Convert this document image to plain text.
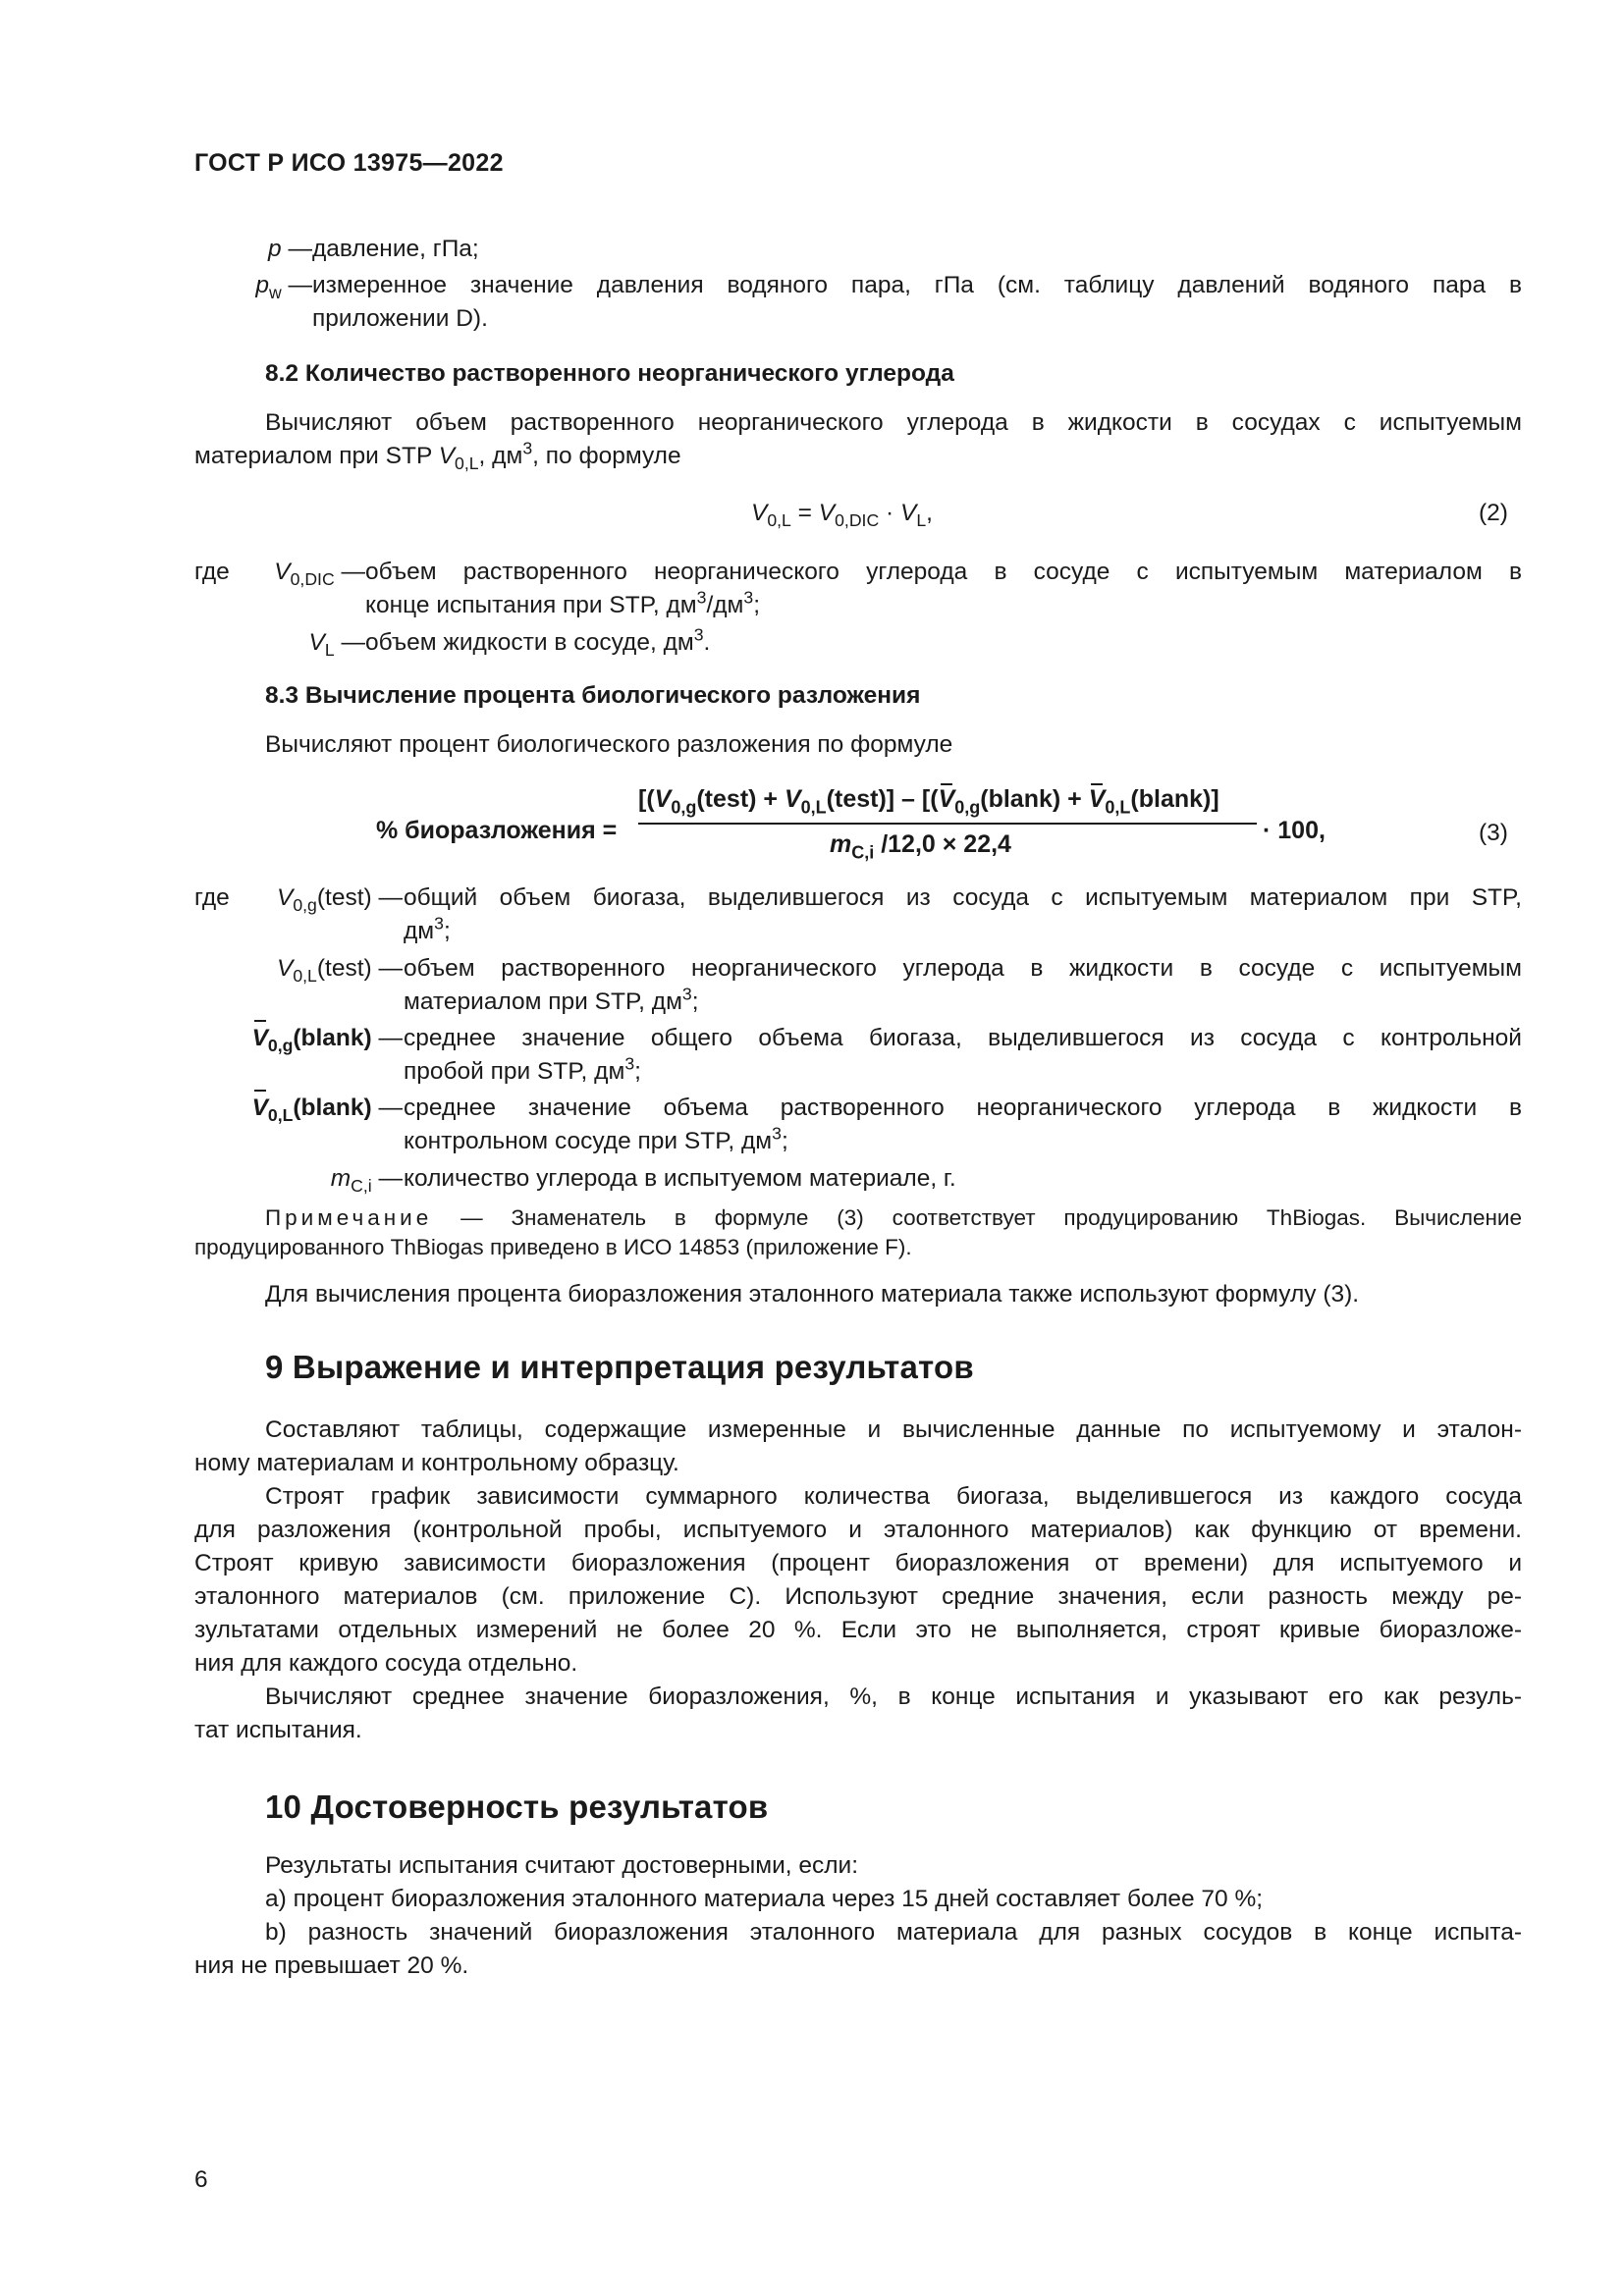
ГОСТ Р ИСО 13975—2022
p — давление, гПа;
$p_w$ — измеренное значение давления водяного пара, гПа (см. таблицу давлений водяного пара в
приложении D).
8.2 Количество растворенного неорганического углерода
Вычисляют объем растворенного неорганического углерода в жидкости в сосудах с испытуемым
материалом при STP $V_{0,L}$, $дм^3$, по формуле
$V_{0,L} = V_{0,DIC} \cdot V_L$,	(2)
где	$V_{0,DIC}$ — объем растворенного неорганического углерода в сосуде с испытуемым материалом в
конце испытания при STP, $дм^3/дм^3$;
$V_L$ — объем жидкости в сосуде, $дм^3$.
8.3 Вычисление процента биологического разложения
Вычисляют процент биологического разложения по формуле
% биоразложения =
[($V_{0,g}(test)$ + $V_{0,L}(test)$] – [($V_{0,g}(blank)$ + $V_{0,L}(blank)$]
$m_{C,i}$ /12,0 × 22,4	· 100,	(3)
где	$V_{0,g}(test)$ — общий объем биогаза, выделившегося из сосуда с испытуемым материалом при STP,
$дм^3$;
$V_{0,L}(test)$ — объем растворенного неорганического углерода в жидкости в сосуде с испытуемым
материалом при STP, $дм^3$;
$V_{0,g}(blank)$ — среднее значение общего объема биогаза, выделившегося из сосуда с контрольной
пробой при STP, $дм^3$;
$V_{0,L}(blank)$ — среднее значение объема растворенного неорганического углерода в жидкости в
контрольном сосуде при STP, $дм^3$;
$m_{C,i}$ — количество углерода в испытуемом материале, г.
Примечание — Знаменатель в формуле (3) соответствует продуцированию ThBiogas. Вычисление
продуцированного ThBiogas приведено в ИСО 14853 (приложение F).
Для вычисления процента биоразложения эталонного материала также используют формулу (3).
9 Выражение и интерпретация результатов
Составляют таблицы, содержащие измеренные и вычисленные данные по испытуемому и эталон-
ному материалам и контрольному образцу.
Строят график зависимости суммарного количества биогаза, выделившегося из каждого сосуда
для разложения (контрольной пробы, испытуемого и эталонного материалов) как функцию от времени.
Строят кривую зависимости биоразложения (процент биоразложения от времени) для испытуемого и
эталонного материалов (см. приложение С). Используют средние значения, если разность между ре-
зультатами отдельных измерений не более 20 %. Если это не выполняется, строят кривые биоразложе-
ния для каждого сосуда отдельно.
Вычисляют среднее значение биоразложения, %, в конце испытания и указывают его как резуль-
тат испытания.
10 Достоверность результатов
Результаты испытания считают достоверными, если:
a) процент биоразложения эталонного материала через 15 дней составляет более 70 %;
b) разность значений биоразложения эталонного материала для разных сосудов в конце испыта-
ния не превышает 20 %.
6
